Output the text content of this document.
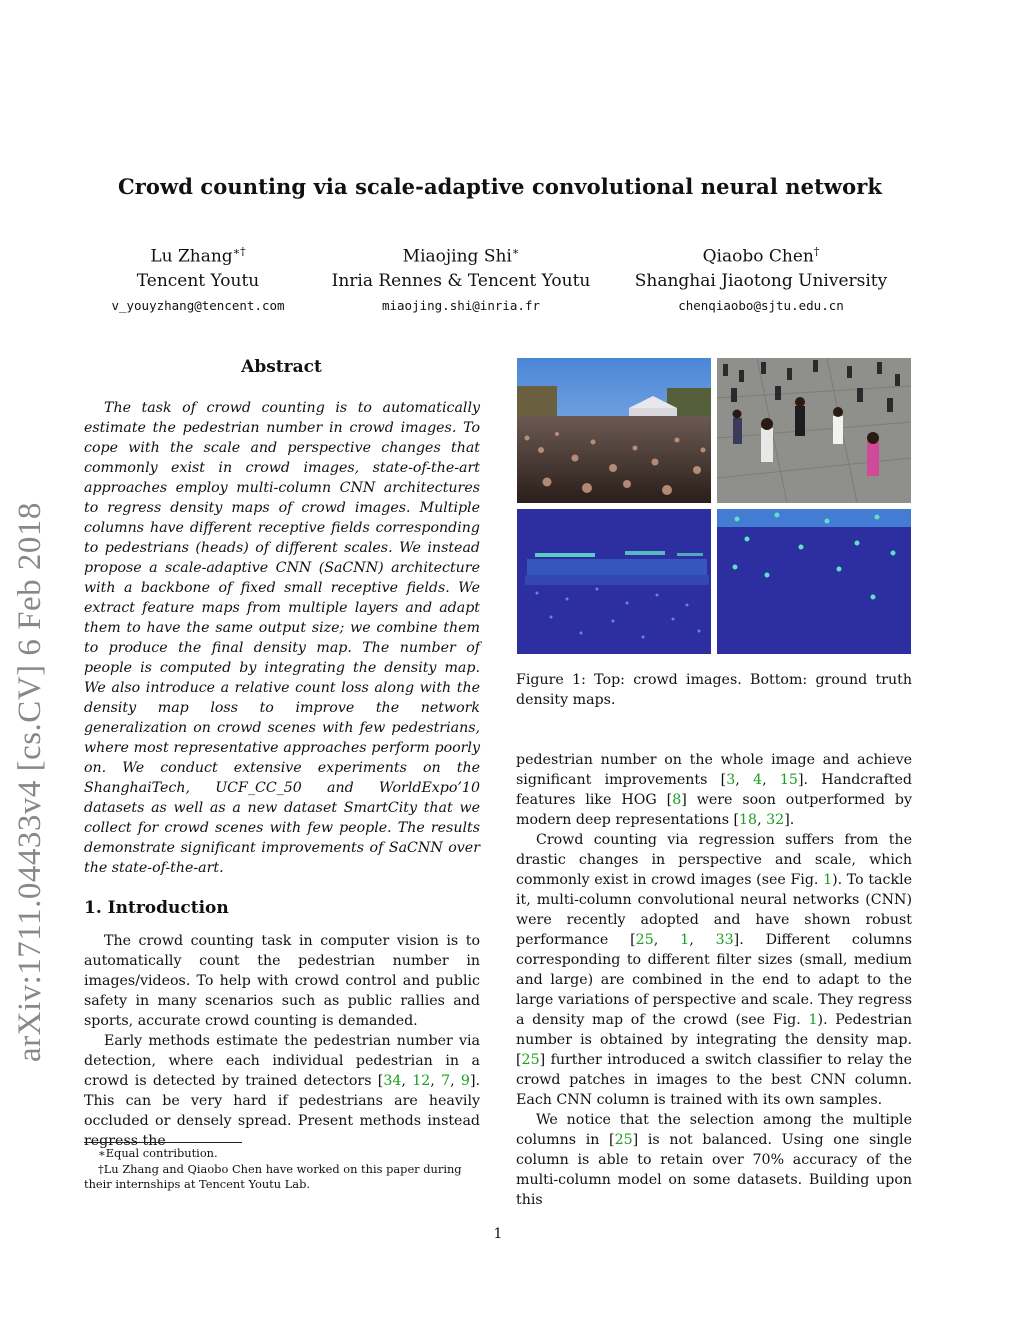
arXiv:1711.04433v4 [cs.CV] 6 Feb 2018
Crowd counting via scale-adaptive convolutional neural network
Lu Zhang∗†
Tencent Youtu
v_youyzhang@tencent.com
Miaojing Shi∗
Inria Rennes & Tencent Youtu
miaojing.shi@inria.fr
Qiaobo Chen†
Shanghai Jiaotong University
chenqiaobo@sjtu.edu.cn
Abstract
The task of crowd counting is to automatically estimate the pedestrian number in crowd images. To cope with the scale and perspective changes that commonly exist in crowd images, state-of-the-art approaches employ multi-column CNN architectures to regress density maps of crowd images. Multiple columns have different receptive fields corresponding to pedestrians (heads) of different scales. We instead propose a scale-adaptive CNN (SaCNN) architecture with a backbone of fixed small receptive fields. We extract feature maps from multiple layers and adapt them to have the same output size; we combine them to produce the final density map. The number of people is computed by integrating the density map. We also introduce a relative count loss along with the density map loss to improve the network generalization on crowd scenes with few pedestrians, where most representative approaches perform poorly on. We conduct extensive experiments on the ShanghaiTech, UCF_CC_50 and WorldExpo’10 datasets as well as a new dataset SmartCity that we collect for crowd scenes with few people. The results demonstrate significant improvements of SaCNN over the state-of-the-art.
1. Introduction

The crowd counting task in computer vision is to automatically count the pedestrian number in images/videos. To help with crowd control and public safety in many scenarios such as public rallies and sports, accurate crowd counting is demanded.

Early methods estimate the pedestrian number via detection, where each individual pedestrian in a crowd is detected by trained detectors [34, 12, 7, 9]. This can be very hard if pedestrians are heavily occluded or densely spread. Present methods instead regress the

∗Equal contribution.

†Lu Zhang and Qiaobo Chen have worked on this paper during their internships at Tencent Youtu Lab.

Figure 1: Top: crowd images. Bottom: ground truth density maps.

pedestrian number on the whole image and achieve significant improvements [3, 4, 15]. Handcrafted features like HOG [8] were soon outperformed by modern deep representations [18, 32].

Crowd counting via regression suffers from the drastic changes in perspective and scale, which commonly exist in crowd images (see Fig. 1). To tackle it, multi-column convolutional neural networks (CNN) were recently adopted and have shown robust performance [25, 1, 33]. Different columns corresponding to different filter sizes (small, medium and large) are combined in the end to adapt to the large variations of perspective and scale. They regress a density map of the crowd (see Fig. 1). Pedestrian number is obtained by integrating the density map. [25] further introduced a switch classifier to relay the crowd patches in images to the best CNN column. Each CNN column is trained with its own samples.

We notice that the selection among the multiple columns in [25] is not balanced. Using one single column is able to retain over 70% accuracy of the multi-column model on some datasets. Building upon this

1
